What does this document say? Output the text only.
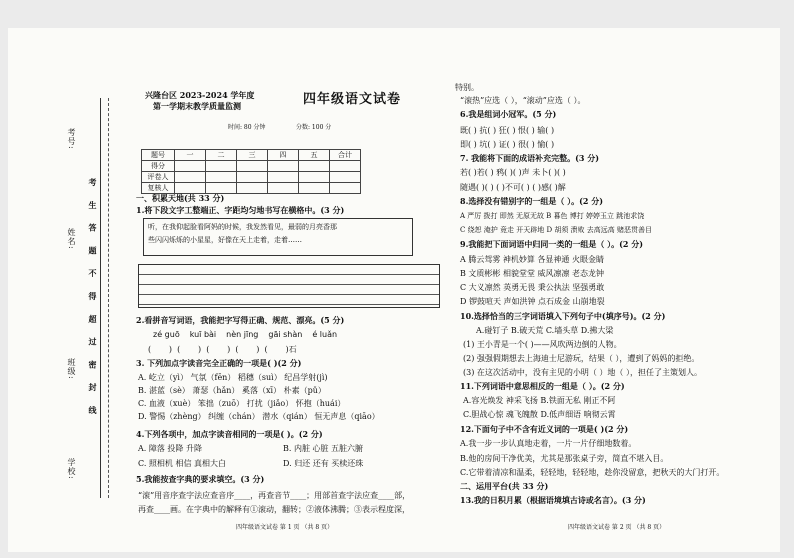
考 生 答 题 不 得 超 过 密 封 线
考号:
姓名:
班级:
学校:
兴隆台区 2023-2024 学年度
第一学期末教学质量监测	四年级语文试卷
时间: 80 分钟	分数: 100 分
题号	一	二	三	四	五	合计
得分						
评卷人						
复核人						
一、积累天地(共 33 分)
1.将下段文字工整端正、字距均匀地书写在横格中。(3 分)
听，在我仰起脸看阿妈的时候，我发然看见，最弱的月亮香那
些闪闪烁烁的小星星，好像在天上走着，走着……
2.看拼音写词语，我能把字写得正确、规范、漂亮。(5 分)
zé guō kuī bài nèn jīng gāi shàn é luǎn
(       )  (       )  (       )  (       )  (       )石
3. 下列加点字读音完全正确的一项是( )(2 分)
A. 屹立（yì） 气氛（fēn） 稻穗（suì） 纪昌学射(jì)
B. 湛蓝（sè） 萧瑟（hǎn） 奚落（xī） 朴素（pǔ）
C. 血液（xuè） 笨拙（zuō） 打扰（jiǎo） 怀抱（huái）
D. 警惕（zhèng） 纠缠（chán） 潜水（qián） 恒无声息（qiāo）
4.下列各项中，加点字读音相同的一项是( )。(2 分)
A. 障落 投降 升降	B. 内脏 心脏 五脏六腑
C. 照相机 相信 真相大白	D. 归还 还有 买椟还珠
5.我能按查字典的要求填空。(3 分)
“滚”用音序查字法应查音序____，再查音节____；用部首查字法应查____部，
再查____画。在字典中的解释有①滚动，翻转；②液体沸腾；③表示程度深，
四年级语文试卷 第 1 页 （共 8 页）
特别。
“滚热”应选（ ），“滚动”应选（ ）。
6.我是组词小冠军。(5 分)
既( ) 抗( ) 狂( ) 恨( ) 输( )
即( ) 坑( ) 证( ) 很( ) 愉( )
7. 我能将下面的成语补充完整。(3 分)
若( )若( ) 鸦( )( )声 未卜( )( )
随遇( )( ) ( )不可( ) ( )感( )解
8.选择没有错别字的一组是（ ）。(2 分)
A 严厉 拨打 即然 无原无故 B 暮色 博打 婷婷玉立 跳池求饶
C 绕恕 淹护 竟走 开天辟地 D 胡须 溃败 去高远高 赌恶贯善目
9.我能把下面词语中归同一类的一组是（ ）。(2 分)
A 腾云驾雾 神机妙算 各显神通 火眼金睛
B 文质彬彬 相貌堂堂 威风凛凛 老态龙钟
C 大义凛然 英勇无畏 秉公执法 坚强勇敢
D 锣鼓喧天 声如洪钟 点石成金 山崩地裂
10.选择恰当的三字词语填入下列句子中(填序号)。(2 分)
A.碰钉子 B.破天荒 C.墙头草 D.拂大梁
(1) 王小青是一个( )——风吹两边倒的人物。
(2) 强强假期想去上海迪士尼游玩，结果（ ），遭到了妈妈的拒绝。
(3) 在这次活动中，没有主见的小明（ ）地（ ），担任了主策划人。
11.下列词语中意思相反的一组是（ ）。(2 分)
A.容光焕发 神采飞扬 B.铁面无私 刚正不阿
C.胆战心惊 魂飞魄散 D.低声细语 响彻云霄
12.下面句子中不含有近义词的一项是( )(2 分)
A.我一步一步认真地走着，一片一片仔细地数着。
B.他的房间干净优美，尤其是那张桌子旁，简直不堪入目。
C.它带着清凉和温柔，轻轻地，轻轻地，趁你没留意，把秋天的大门打开。
二、运用平台(共 33 分)
13.我的日积月累（根据语境填古诗或名言）。(3 分)
四年级语文试卷 第 2 页 （共 8 页）
